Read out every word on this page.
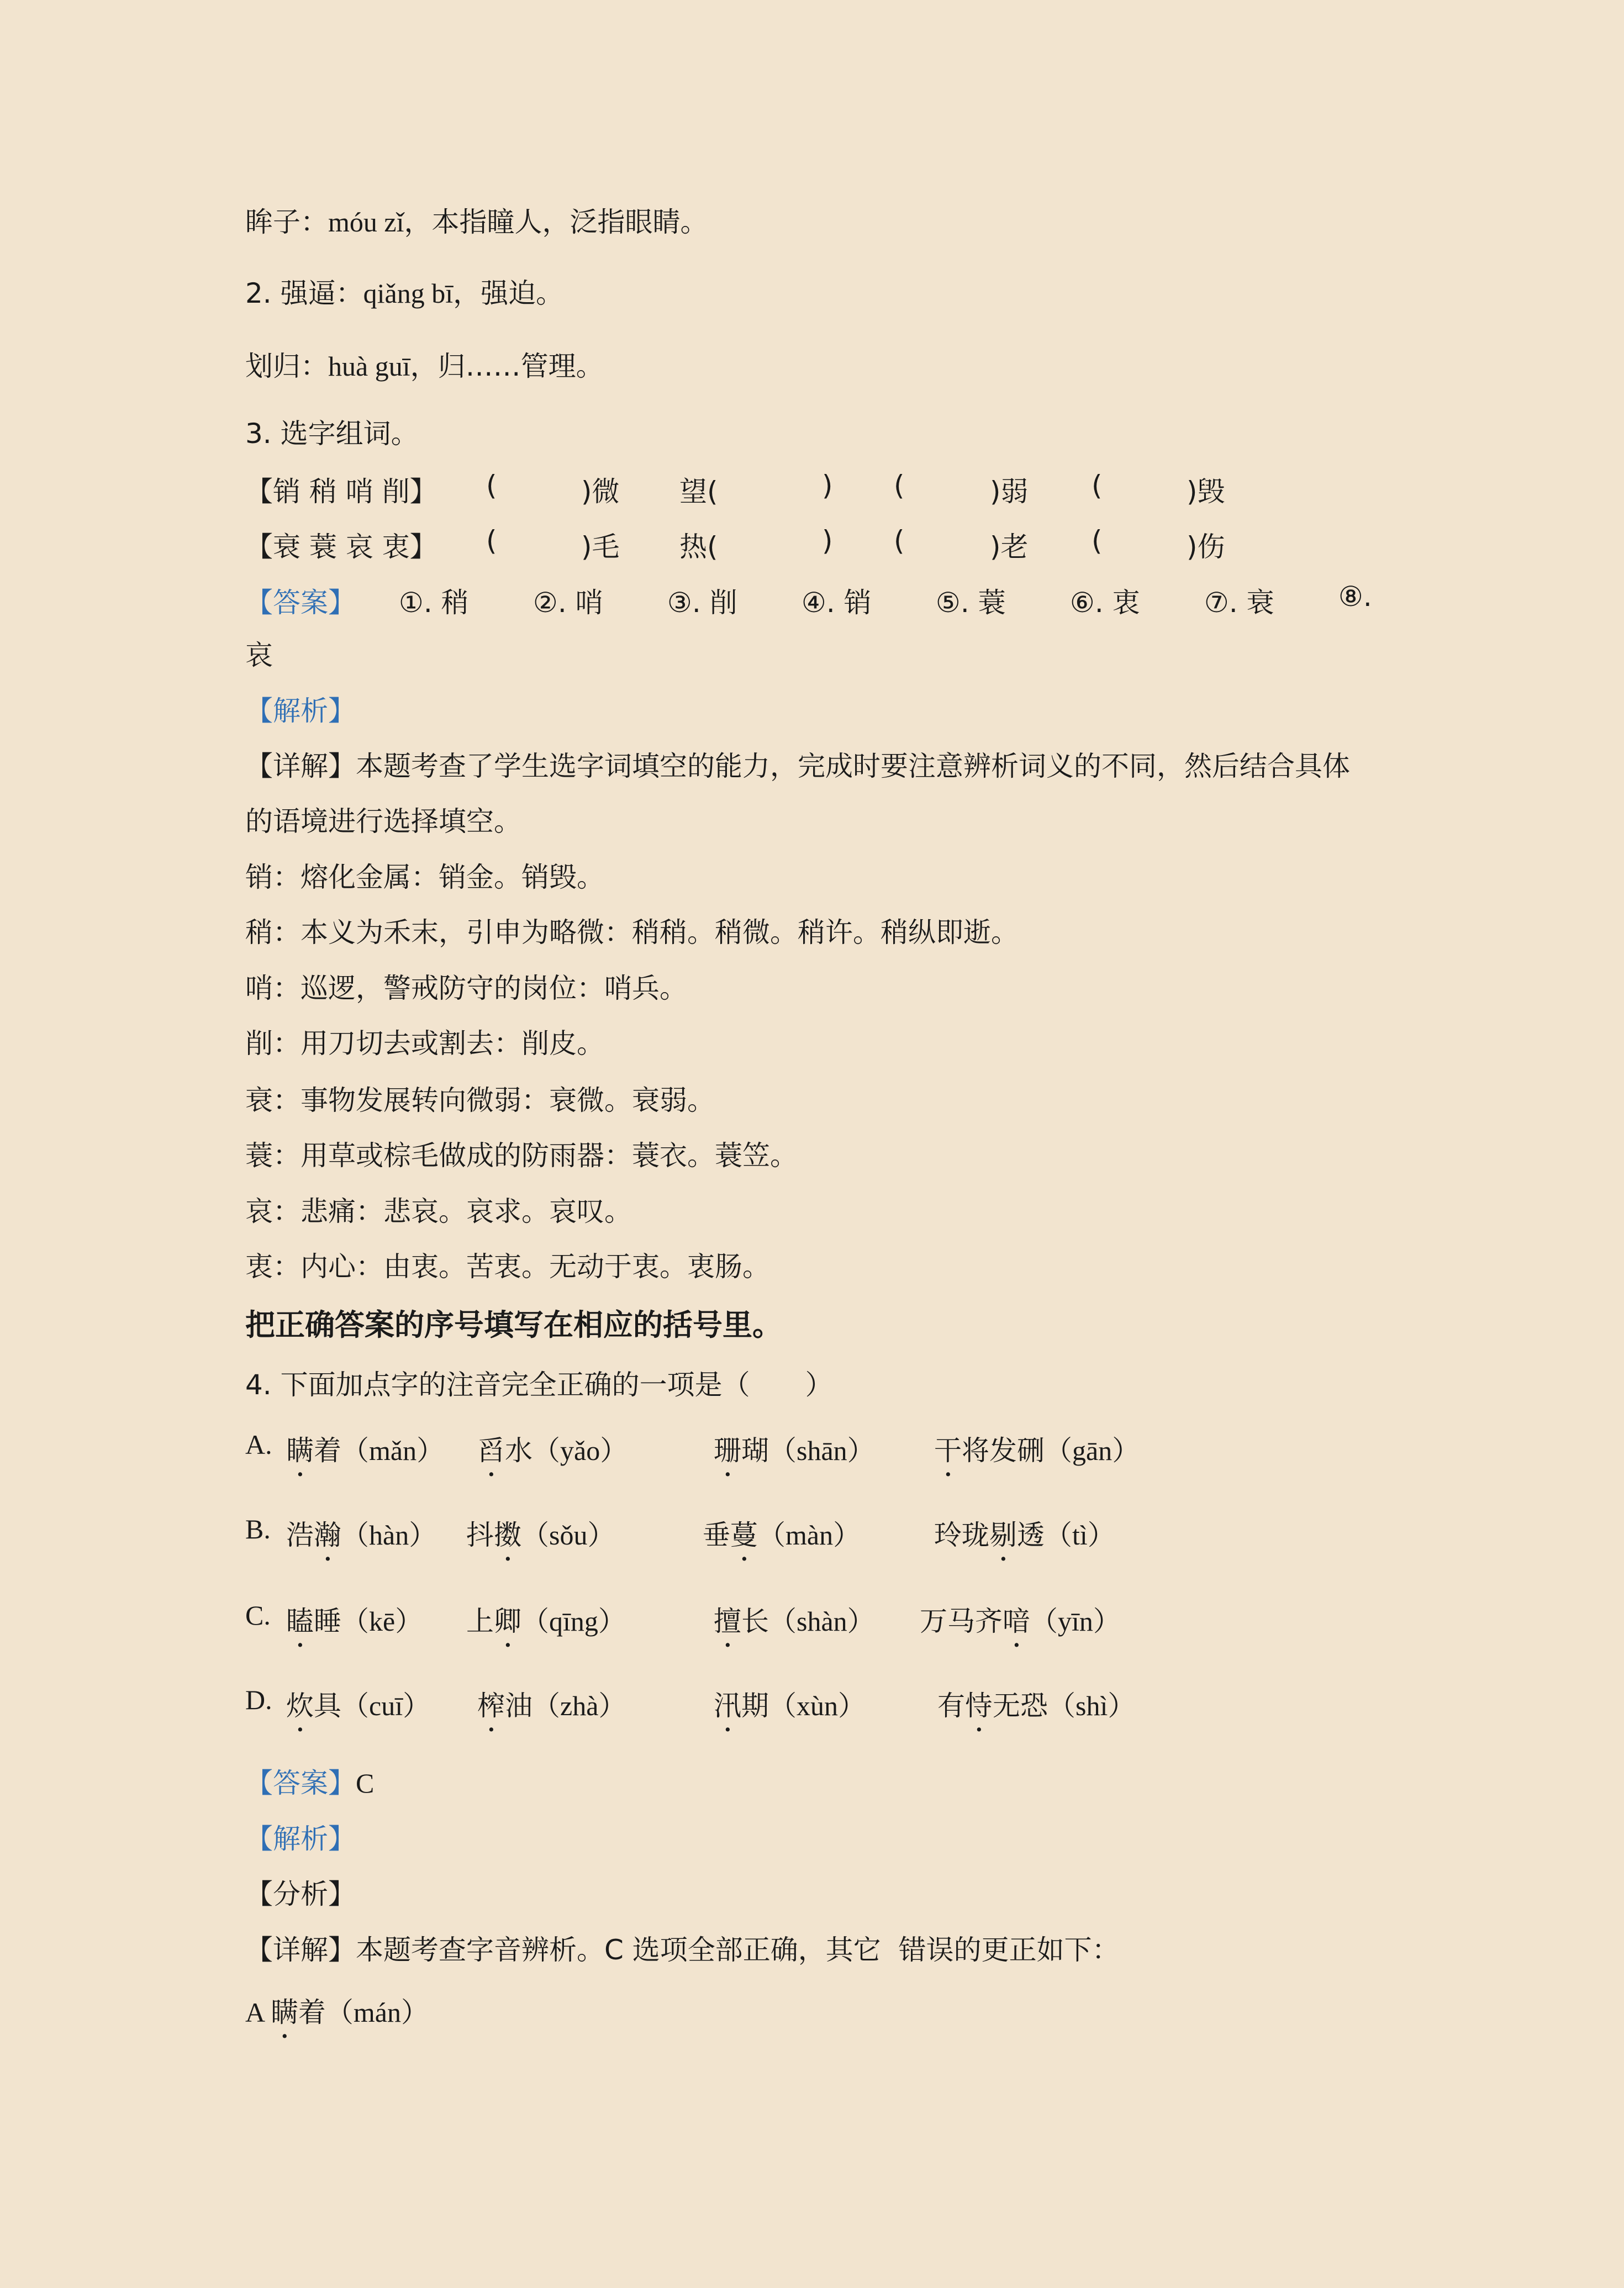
眸子：móu zǐ，本指瞳人，泛指眼睛。
2. 强逼：qiǎng bī，强迫。
划归：huà guī，归……管理。
3. 选字组词。
【销 稍 哨 削】 (	)微 望(	) (	)弱 (	)毁
【衰 蓑 哀 衷】 (	)毛 热(	) (	)老 (	)伤
【答案】 ①. 稍 ②. 哨 ③. 削 ④. 销 ⑤. 蓑 ⑥. 衷 ⑦. 衰 ⑧.
哀
【解析】
【详解】本题考查了学生选字词填空的能力，完成时要注意辨析词义的不同，然后结合具体
的语境进行选择填空。
销：熔化金属：销金。销毁。
稍：本义为禾末，引申为略微：稍稍。稍微。稍许。稍纵即逝。
哨：巡逻，警戒防守的岗位：哨兵。
削：用刀切去或割去：削皮。
衰：事物发展转向微弱：衰微。衰弱。
蓑：用草或棕毛做成的防雨器：蓑衣。蓑笠。
哀：悲痛：悲哀。哀求。哀叹。
衷：内心：由衷。苦衷。无动于衷。衷肠。
把正确答案的序号填写在相应的括号里。
4. 下面加点字的注音完全正确的一项是（　　）
A. 瞒着（mǎn） 舀水（yǎo）	珊瑚（shān） 干将发硎（gān）
B. 浩瀚（hàn） 抖擞（sǒu）	垂蔓（màn）	玲珑剔透（tì）
C. 瞌睡（kē） 上卿（qīng）	擅长（shàn） 万马齐喑（yīn）
D. 炊具（cuī） 榨油（zhà）	汛期（xùn）	有恃无恐（shì）
【答案】C
【解析】
【分析】
【详解】本题考查字音辨析。C 选项全部正确，其它  错误的更正如下：
A 瞒着（mán）
